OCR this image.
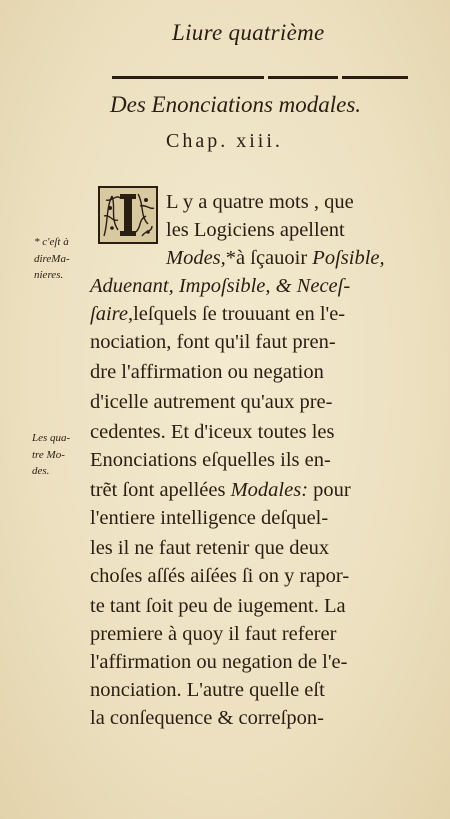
Liure quatrième
Des Enonciations modales.
Chap. xiii.
I
* c'eſt à
direMa-
nieres.
Les qua-
tre Mo-
des.
L y a quatre mots , que
les Logiciens apellent
Modes,*à ſçauoir Poſsible,
Aduenant, Impoſsible, & Neceſ-
ſaire,leſquels ſe trouuant en l'e-
nociation, font qu'il faut pren-
dre l'affirmation ou negation
d'icelle autrement qu'aux pre-
cedentes. Et d'iceux toutes les
Enonciations eſquelles ils en-
trẽt ſont apellées Modales: pour
l'entiere intelligence deſquel-
les il ne faut retenir que deux
choſes aſſés aiſées ſi on y rapor-
te tant ſoit peu de iugement. La
premiere à quoy il faut referer
l'affirmation ou negation de l'e-
nonciation. L'autre quelle eſt
la conſequence & correſpon-
